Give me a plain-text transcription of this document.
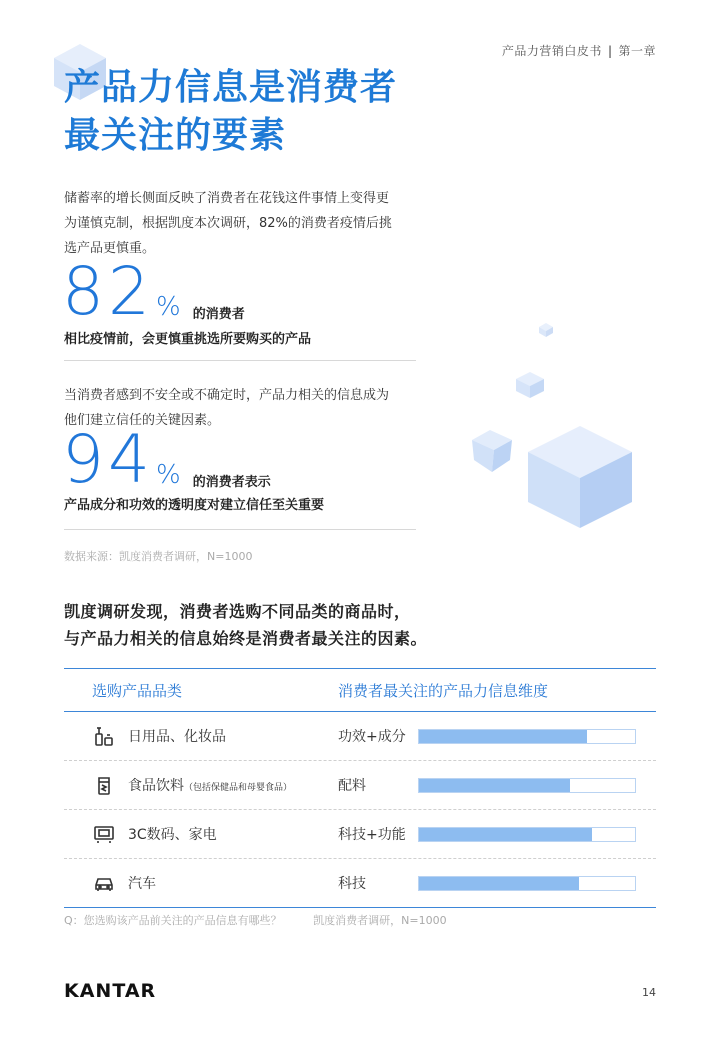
产品力营销白皮书 | 第一章
产品力信息是消费者
最关注的要素
储蓄率的增长侧面反映了消费者在花钱这件事情上变得更
为谨慎克制，根据凯度本次调研，82%的消费者疫情后挑
选产品更慎重。
82 % 的消费者
相比疫情前，会更慎重挑选所要购买的产品
当消费者感到不安全或不确定时，产品力相关的信息成为
他们建立信任的关键因素。
94 % 的消费者表示
产品成分和功效的透明度对建立信任至关重要
数据来源：凯度消费者调研，N=1000
凯度调研发现，消费者选购不同品类的商品时，
与产品力相关的信息始终是消费者最关注的因素。
选购产品品类	消费者最关注的产品力信息维度
日用品、化妆品	功效+成分	•78%
食品饮料（包括保健品和母婴食品）	配料	•70%
3C数码、家电	科技+功能	•80%
汽车	科技	•74%
Q：您选购该产品前关注的产品信息有哪些？	凯度消费者调研，N=1000
KANTAR	14
